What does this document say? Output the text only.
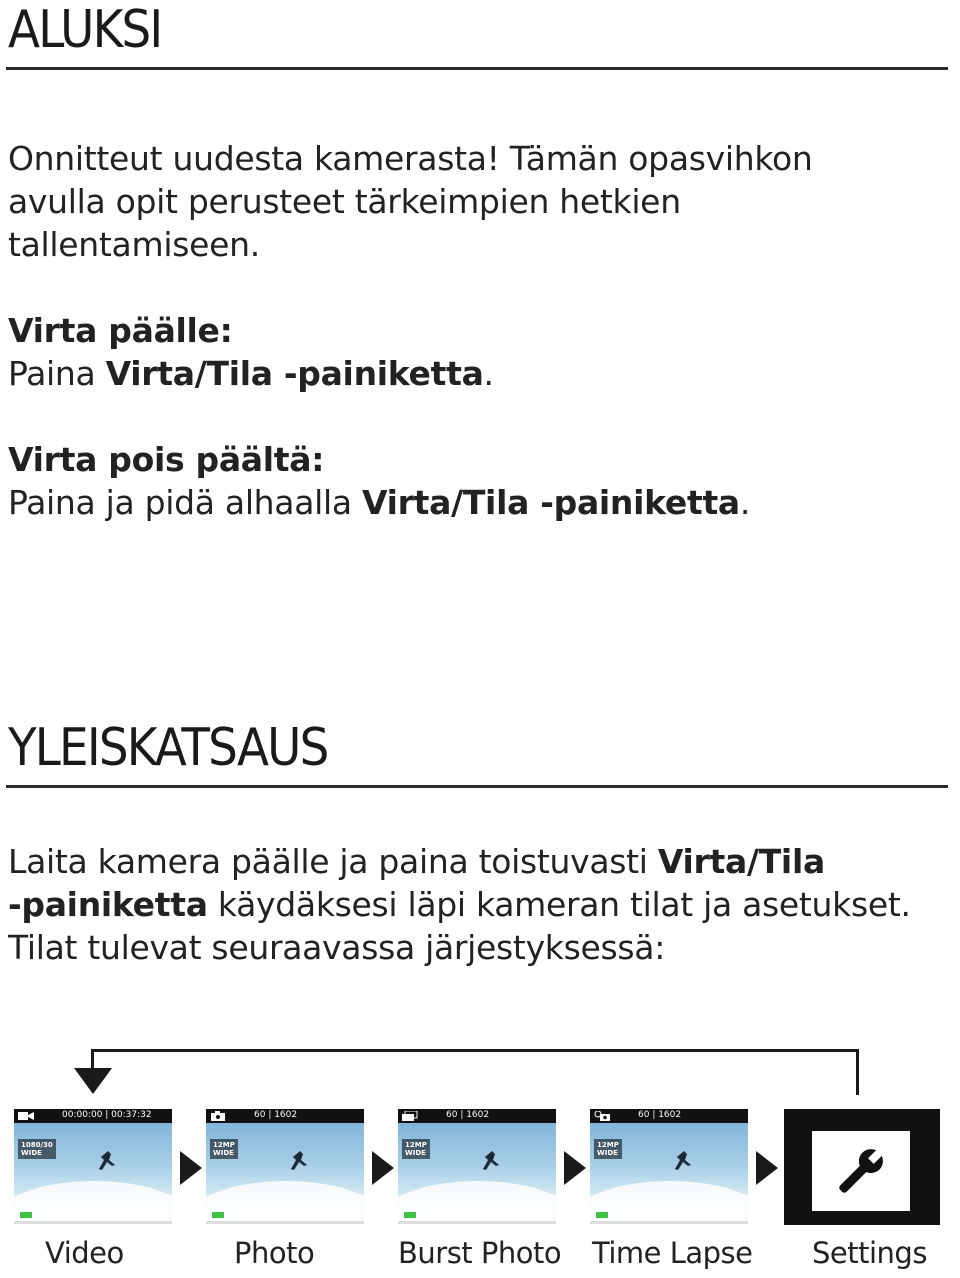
ALUKSI

Onnitteut uudesta kamerasta! Tämän opasvihkon
avulla opit perusteet tärkeimpien hetkien
tallentamiseen.

Virta päälle:
Paina Virta/Tila -painiketta.

Virta pois päältä:
Paina ja pidä alhaalla Virta/Tila -painiketta.

YLEISKATSAUS

Laita kamera päälle ja paina toistuvasti Virta/Tila
-painiketta käydäksesi läpi kameran tilat ja asetukset.
Tilat tulevat seuraavassa järjestyksessä:

00:00:00 | 00:37:32
1080/30
WIDE
60 | 1602
12MP
WIDE
60 | 1602
12MP
WIDE
60 | 1602
12MP
WIDE
Video	Photo	Burst Photo Time Lapse Settings
